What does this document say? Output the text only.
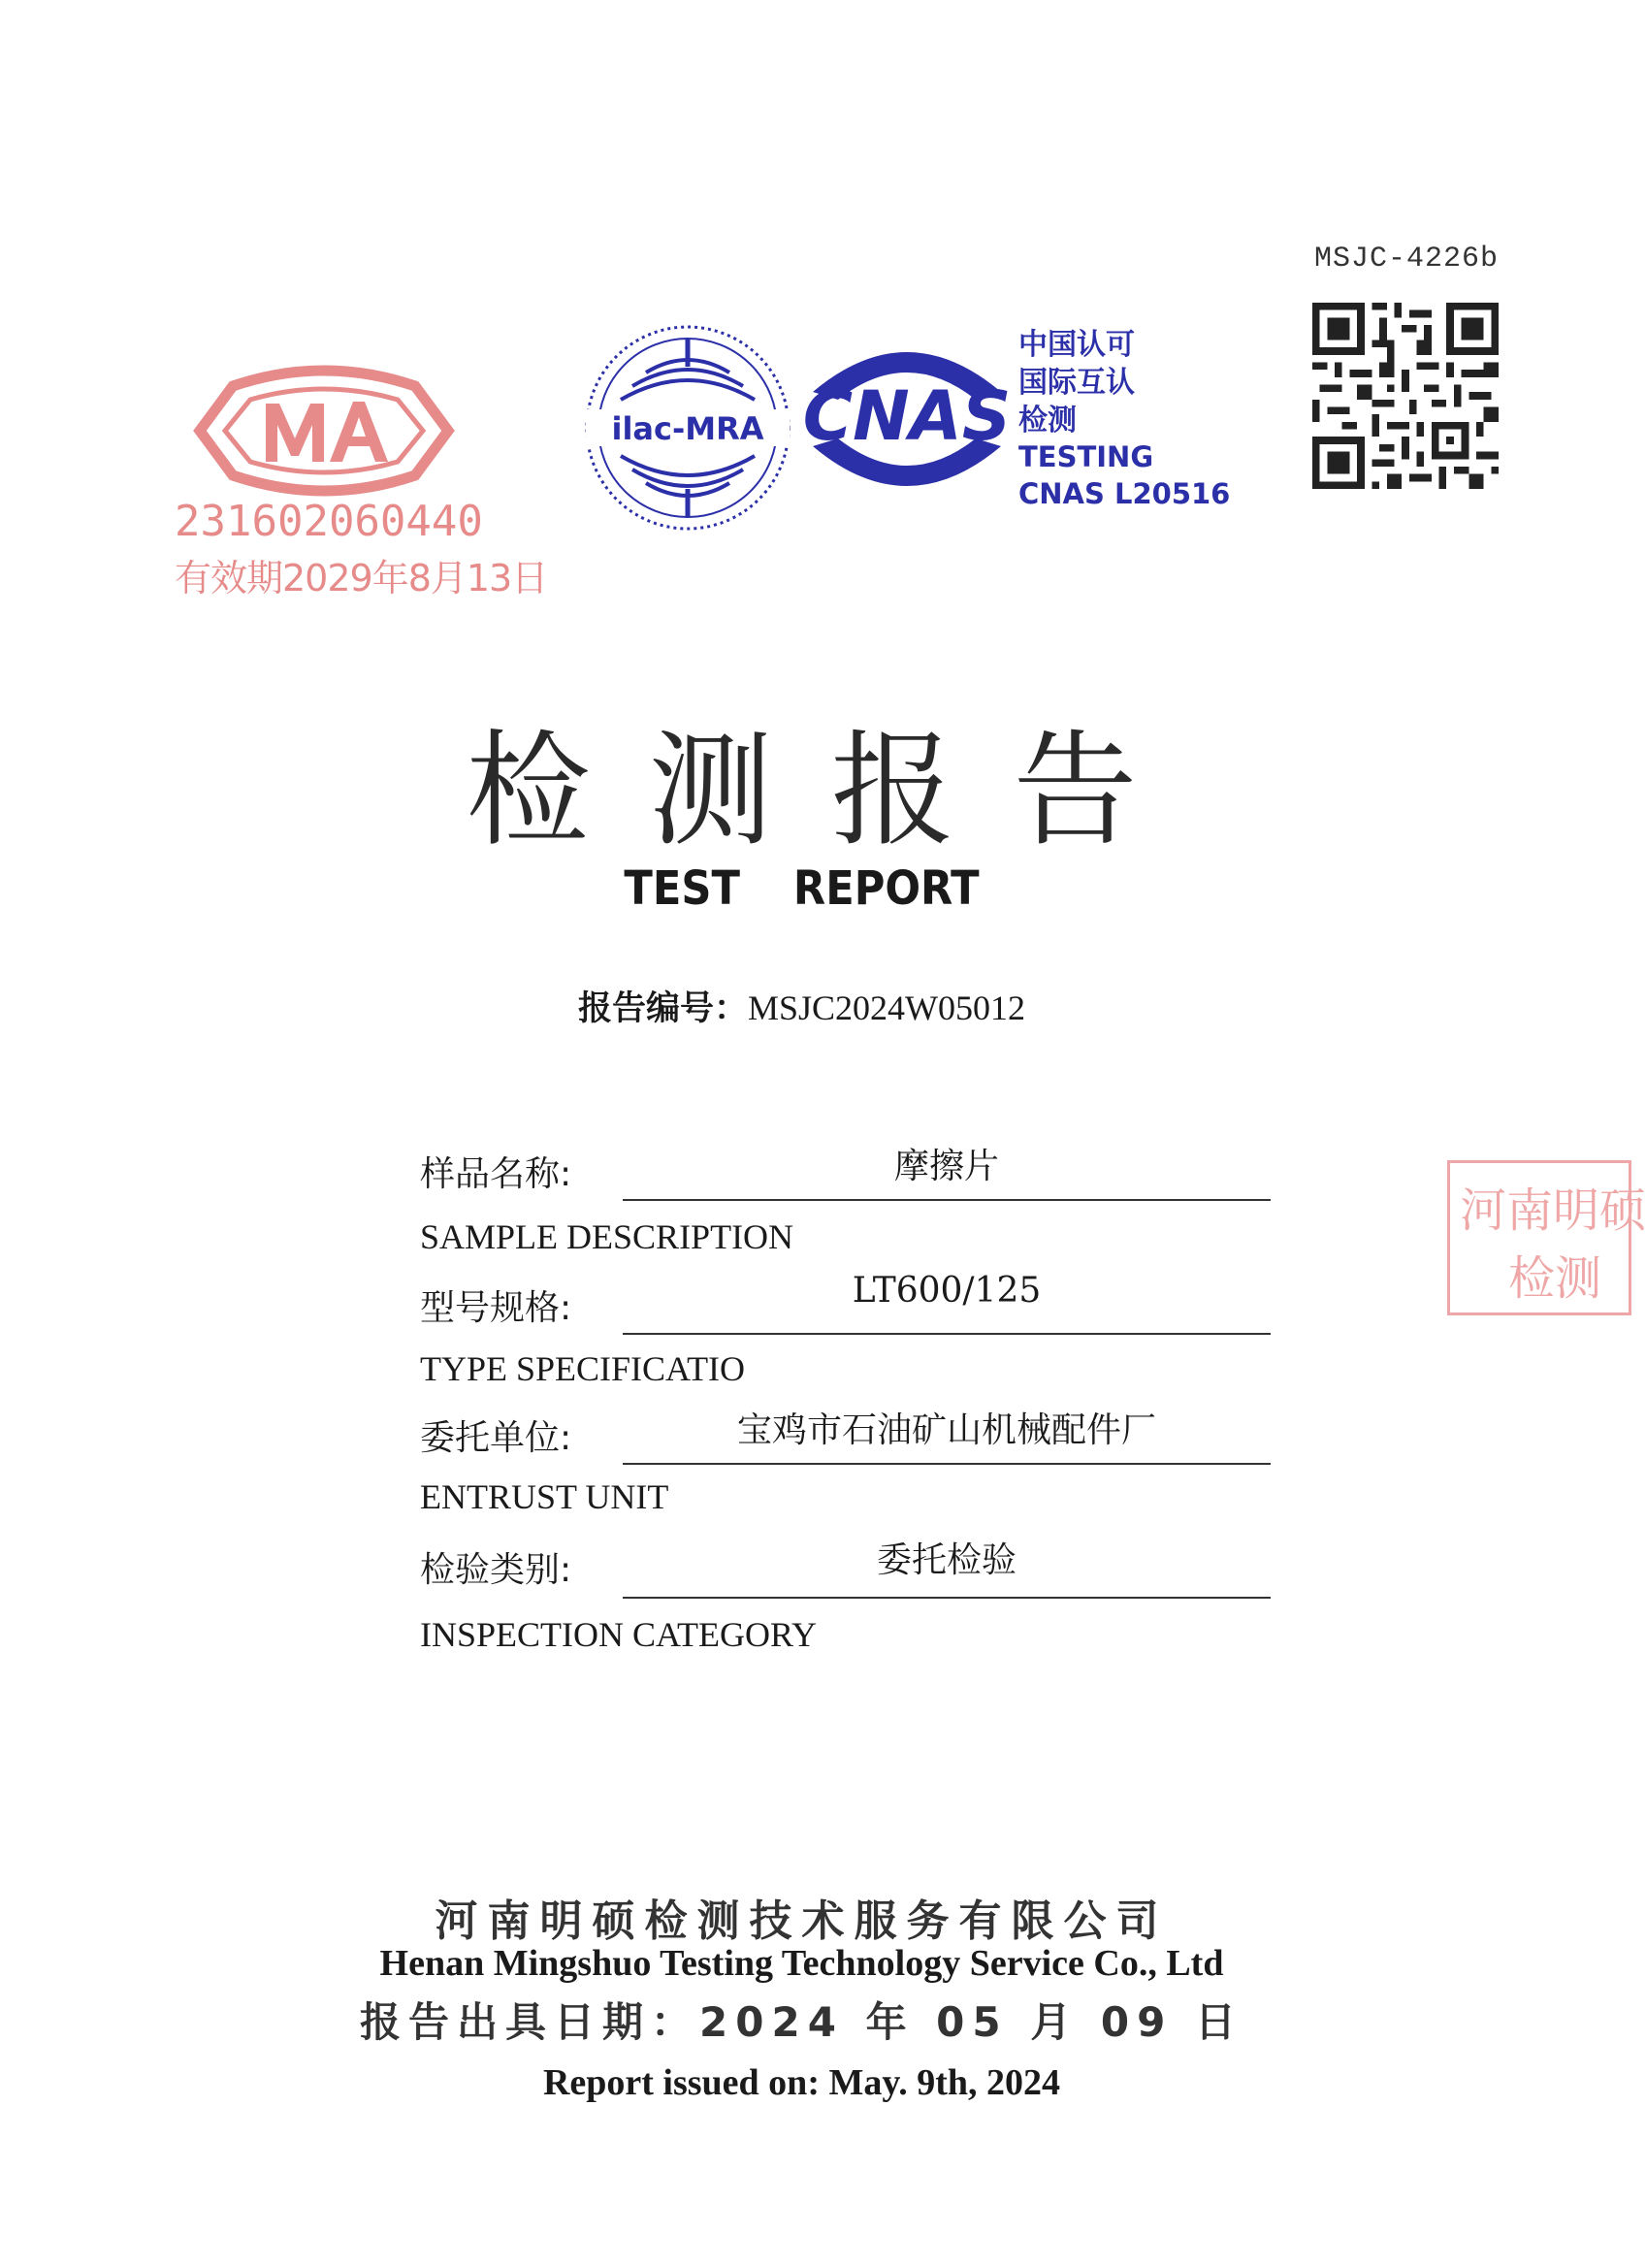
MSJC-4226b
231602060440
有效期2029年8月13日
ilac-MRA CNAS
中国认可
国际互认
检测
TESTING
CNAS L20516
检测报告
TEST REPORT
报告编号：MSJC2024W05012
样品名称:	摩擦片
SAMPLE DESCRIPTION
型号规格:	LT600/125
TYPE SPECIFICATIO
委托单位:	宝鸡市石油矿山机械配件厂
ENTRUST UNIT
检验类别:	委托检验
INSPECTION CATEGORY
河南明硕
检测
河南明硕检测技术服务有限公司
Henan Mingshuo Testing Technology Service Co., Ltd
报告出具日期：2024 年 05 月 09 日
Report issued on: May. 9th, 2024
